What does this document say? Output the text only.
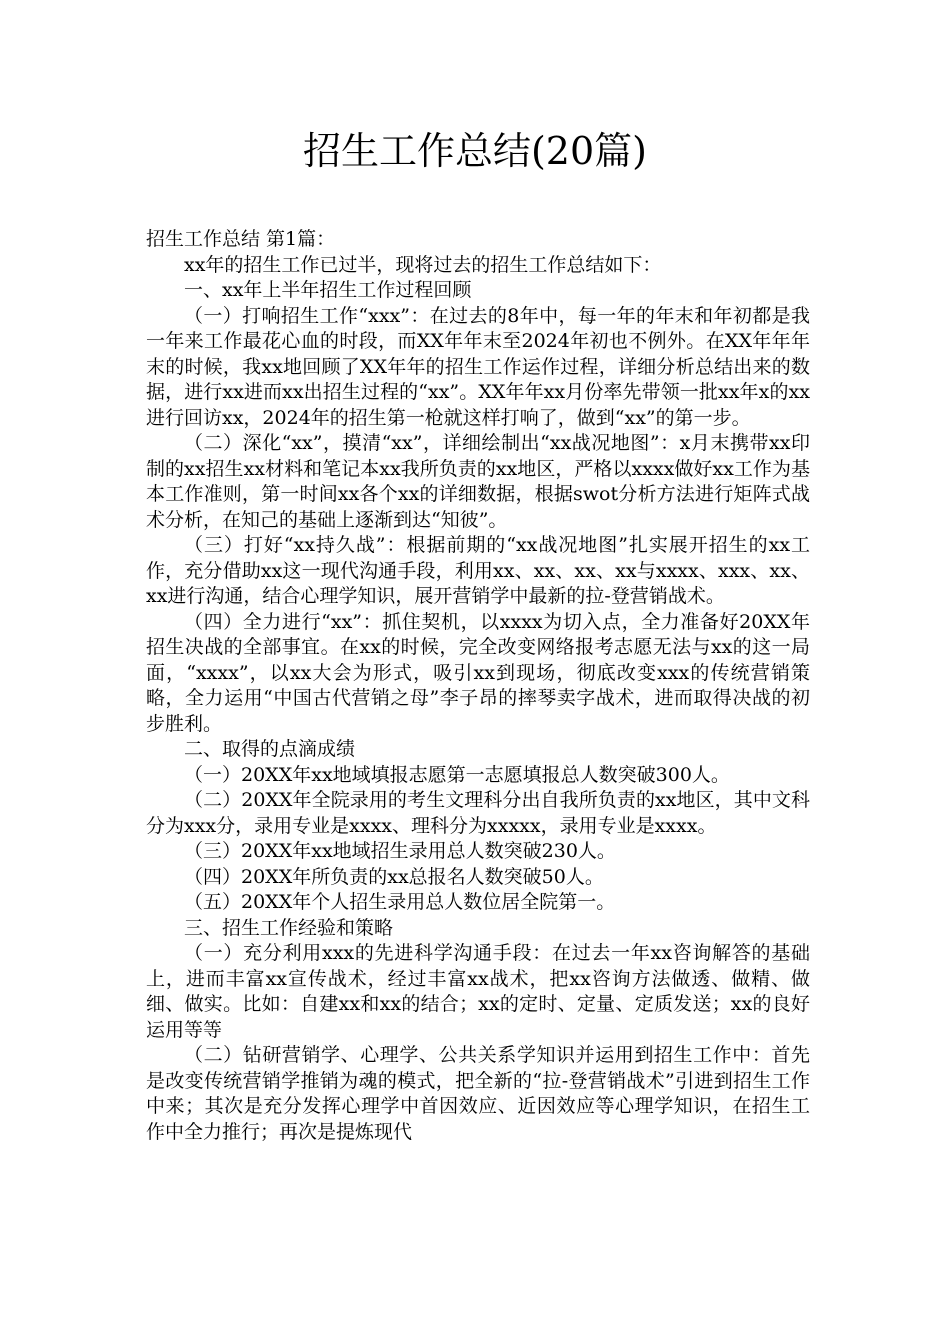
招生工作总结(20篇)

招生工作总结 第1篇：

xx年的招生工作已过半，现将过去的招生工作总结如下：

一、xx年上半年招生工作过程回顾

（一）打响招生工作“xxx”：在过去的8年中，每一年的年末和年初都是我一年来工作最花心血的时段，而XX年年末至2024年初也不例外。在XX年年年末的时候，我xx地回顾了XX年年的招生工作运作过程，详细分析总结出来的数据，进行xx进而xx出招生过程的“xx”。XX年年xx月份率先带领一批xx年x的xx进行回访xx，2024年的招生第一枪就这样打响了，做到“xx”的第一步。

（二）深化“xx”，摸清“xx”，详细绘制出“xx战况地图”：x月末携带xx印制的xx招生xx材料和笔记本xx我所负责的xx地区，严格以xxxx做好xx工作为基本工作准则，第一时间xx各个xx的详细数据，根据swot分析方法进行矩阵式战术分析，在知己的基础上逐渐到达“知彼”。

（三）打好“xx持久战”：根据前期的“xx战况地图”扎实展开招生的xx工作，充分借助xx这一现代沟通手段，利用xx、xx、xx、xx与xxxx、xxx、xx、xx进行沟通，结合心理学知识，展开营销学中最新的拉-登营销战术。

（四）全力进行“xx”：抓住契机，以xxxx为切入点，全力准备好20XX年招生决战的全部事宜。在xx的时候，完全改变网络报考志愿无法与xx的这一局面，“xxxx”，以xx大会为形式，吸引xx到现场，彻底改变xxx的传统营销策略，全力运用“中国古代营销之母”李子昂的摔琴卖字战术，进而取得决战的初步胜利。

二、取得的点滴成绩

（一）20XX年xx地域填报志愿第一志愿填报总人数突破300人。

（二）20XX年全院录用的考生文理科分出自我所负责的xx地区，其中文科分为xxx分，录用专业是xxxx、理科分为xxxxx，录用专业是xxxx。

（三）20XX年xx地域招生录用总人数突破230人。

（四）20XX年所负责的xx总报名人数突破50人。

（五）20XX年个人招生录用总人数位居全院第一。

三、招生工作经验和策略

（一）充分利用xxx的先进科学沟通手段：在过去一年xx咨询解答的基础上，进而丰富xx宣传战术，经过丰富xx战术，把xx咨询方法做透、做精、做细、做实。比如：自建xx和xx的结合；xx的定时、定量、定质发送；xx的良好运用等等

（二）钻研营销学、心理学、公共关系学知识并运用到招生工作中：首先是改变传统营销学推销为魂的模式，把全新的“拉-登营销战术”引进到招生工作中来；其次是充分发挥心理学中首因效应、近因效应等心理学知识，在招生工作中全力推行；再次是提炼现代
